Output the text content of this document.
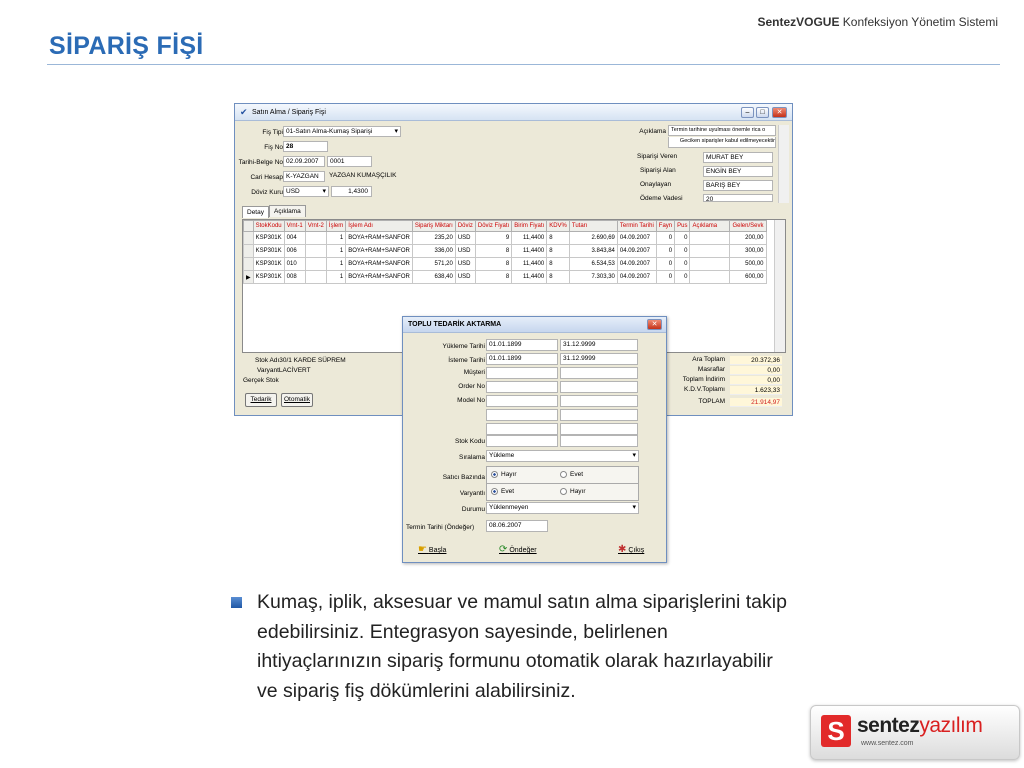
SİPARİŞ FİŞİ
SentezVOGUE Konfeksiyon Yönetim Sistemi
✔ Satın Alma / Sipariş Fişi	–	□	✕
Fiş Tipi 01-Satın Alma-Kumaş Siparişi ▾
Fiş No 28
Tarihi-Belge No 02.09.2007	0001
Cari Hesap K-YAZGAN	YAZGAN KUMAŞÇILIK
Döviz Kuru USD ▾	1,4300
Açıklama Termin tarihine uyulması önemle rica o
Geciken siparişler kabul edilmeyecektir
Siparişi Veren	MURAT BEY
Siparişi Alan	ENGİN BEY
Onaylayan	BARIŞ BEY
Ödeme Vadesi	20
Detay Açıklama
	StokKodu	Vrnt-1	Vrnt-2	İşlem	İşlem Adı	Sipariş Miktarı	Döviz	Döviz Fiyatı	Birim Fiyatı	KDV%	Tutarı	Termin Tarihi	Fayn	Pus	Açıklama	Gelen/Sevk
	KSP301K	004		1	BOYA+RAM+SANFOR	235,20	USD	9	11,4400	8	2.690,69	04.09.2007	0	0		200,00
	KSP301K	006		1	BOYA+RAM+SANFOR	336,00	USD	8	11,4400	8	3.843,84	04.09.2007	0	0		300,00
	KSP301K	010		1	BOYA+RAM+SANFOR	571,20	USD	8	11,4400	8	6.534,53	04.09.2007	0	0		500,00
▶	KSP301K	008		1	BOYA+RAM+SANFOR	638,40	USD	8	11,4400	8	7.303,30	04.09.2007	0	0		600,00

Stok Adı30/1 KARDE SÜPREM
VaryantLACİVERT
Gerçek Stok
Tedarik	Otomatik
Ara Toplam	20.372,36
Masraflar	0,00
Toplam İndirim	0,00
K.D.V.Toplamı	1.623,33
TOPLAM	21.914,97
TOPLU TEDARİK AKTARMA	✕
Yükleme Tarihi 01.01.1899	31.12.9999
İsteme Tarihi 01.01.1899	31.12.9999
Müşteri
Order No
Model No
Stok Kodu
Sıralama Yükleme ▾
Satıcı Bazında	Hayır	Evet
Varyantlı	Evet	Hayır
Durumu Yüklenmeyen ▾
Termin Tarihi (Öndeğer)	08.06.2007
☛ Başla	⟳ Öndeğer	✱ Çıkış
Kumaş, iplik, aksesuar ve mamul satın alma siparişlerini takip edebilirsiniz. Entegrasyon sayesinde, belirlenen ihtiyaçlarınızın sipariş formunu otomatik olarak hazırlayabilir ve sipariş fiş dökümlerini alabilirsiniz.
S sentezyazılım
www.sentez.com
